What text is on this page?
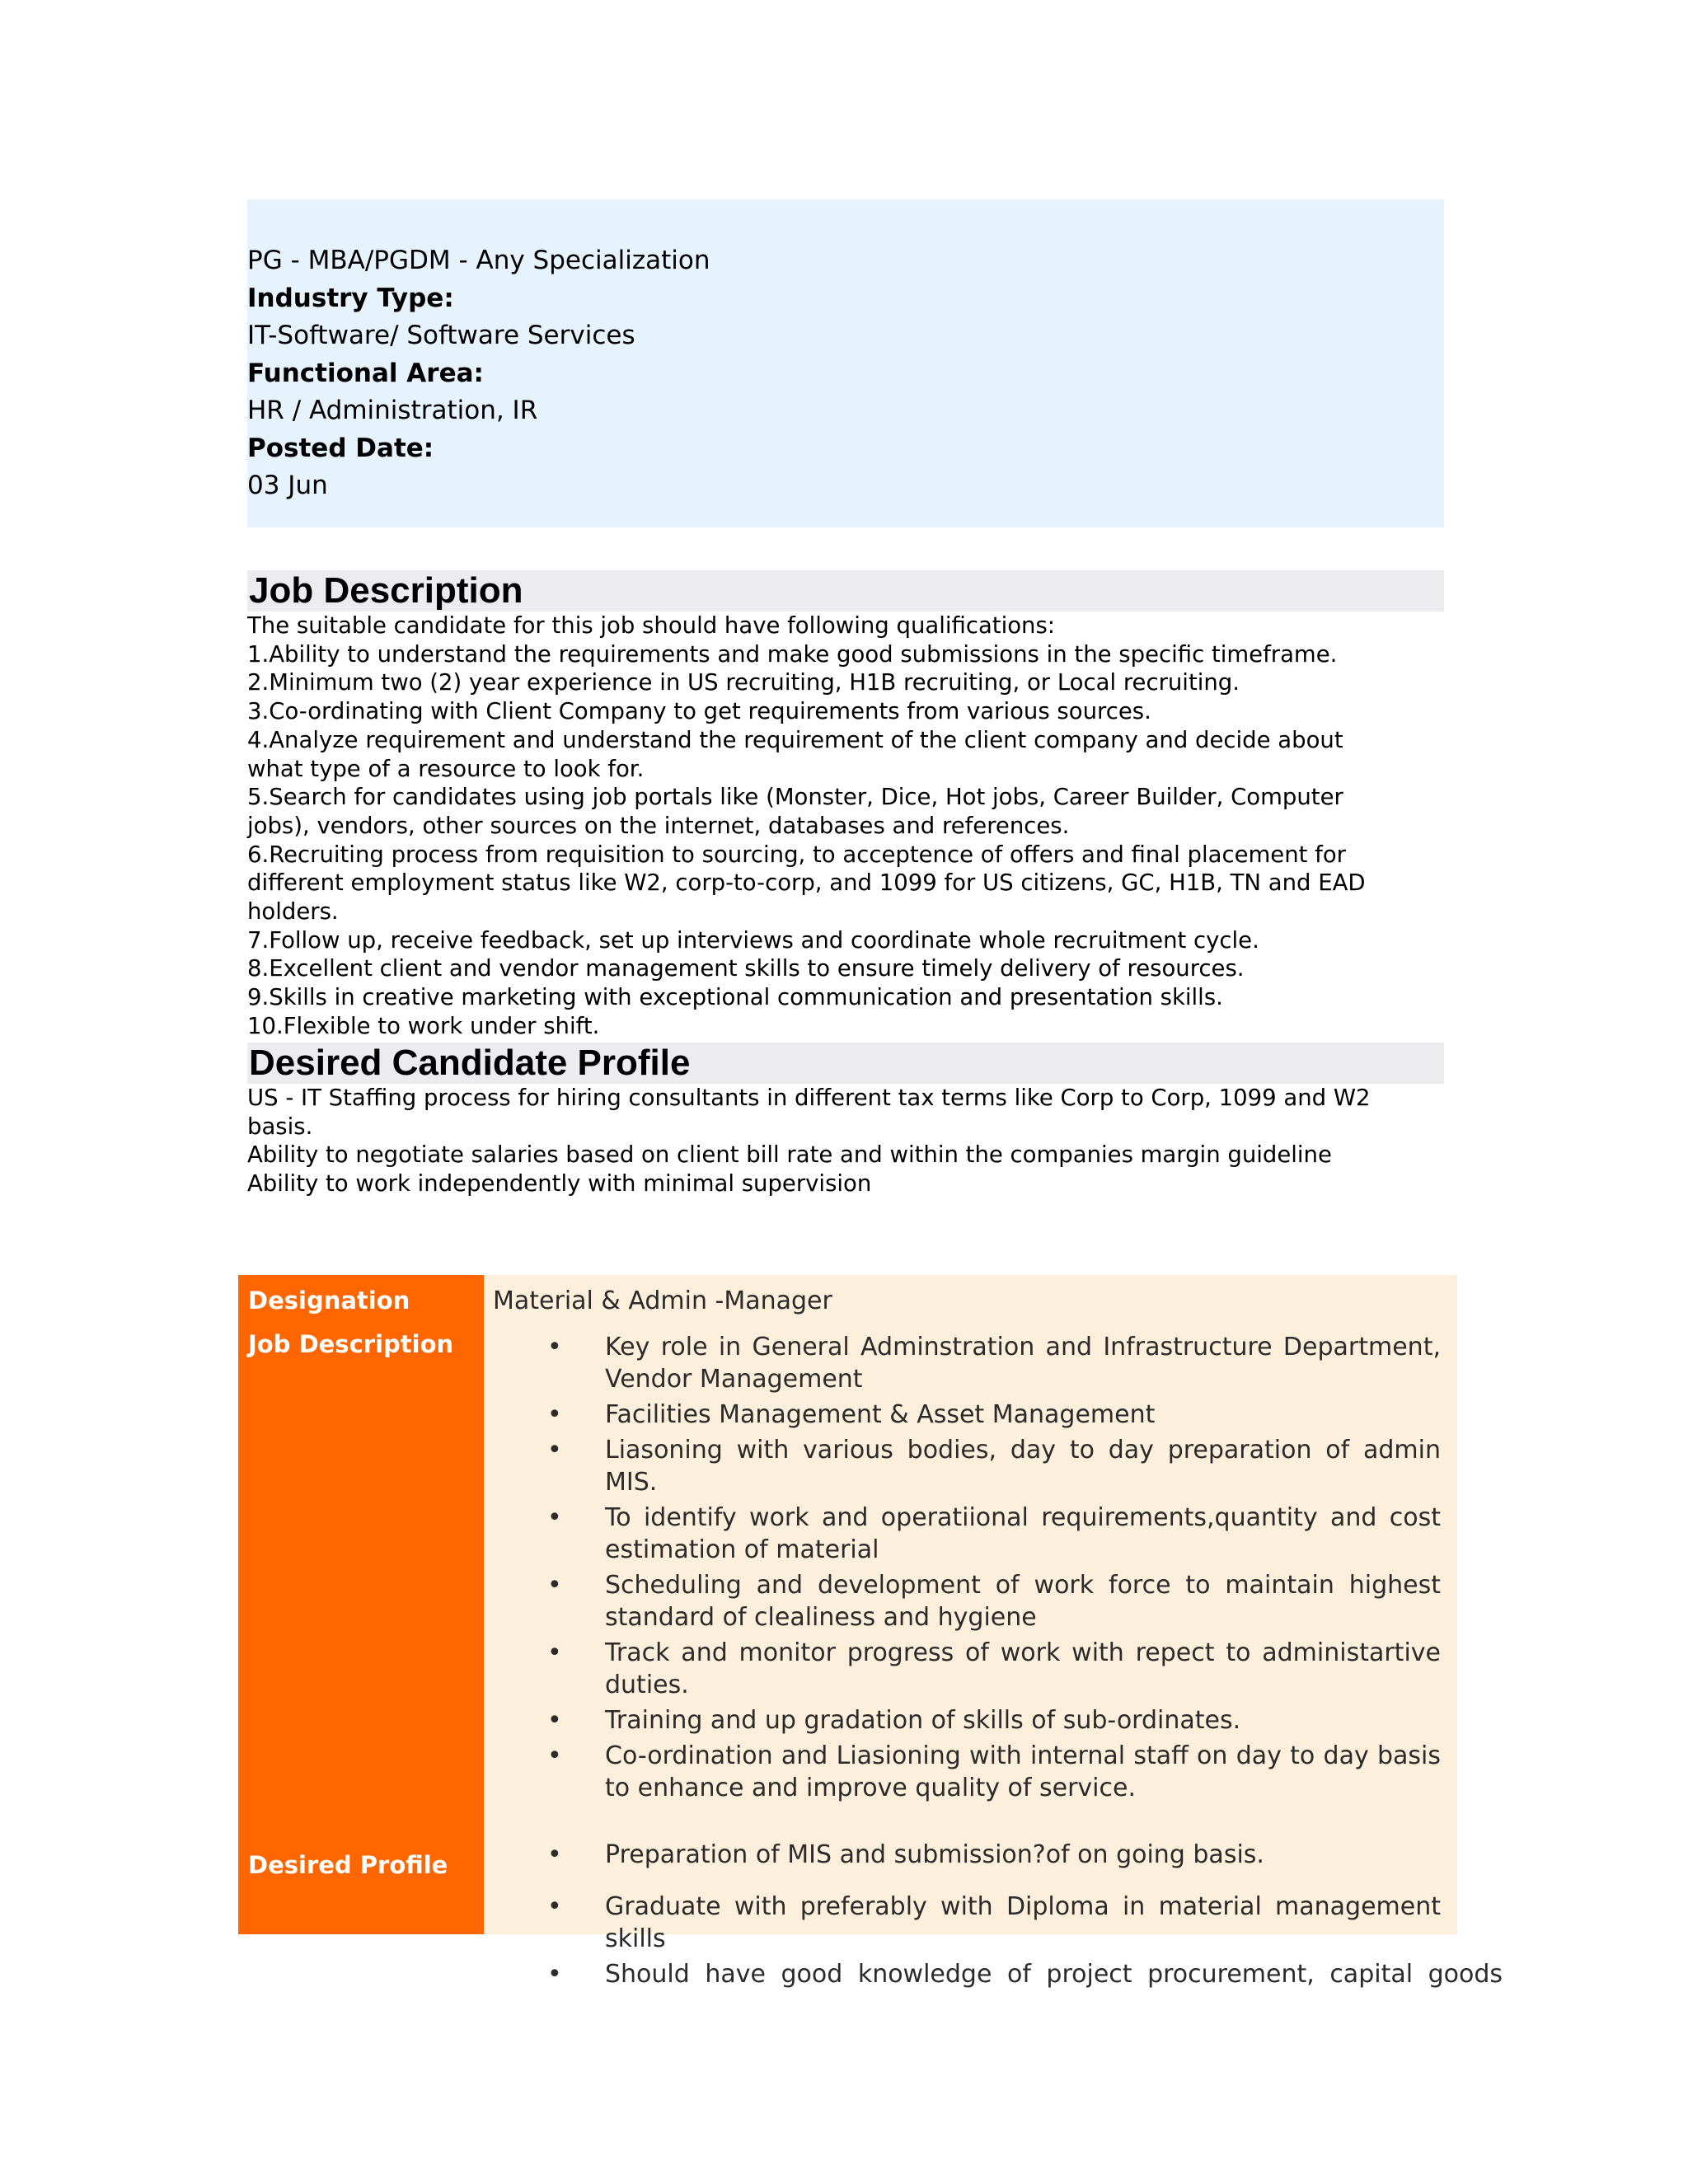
PG - MBA/PGDM - Any Specialization
Industry Type:
IT-Software/ Software Services
Functional Area:
HR / Administration, IR
Posted Date:
03 Jun
Job Description
The suitable candidate for this job should have following qualifications:
1.Ability to understand the requirements and make good submissions in the specific timeframe.
2.Minimum two (2) year experience in US recruiting, H1B recruiting, or Local recruiting.
3.Co-ordinating with Client Company to get requirements from various sources.
4.Analyze requirement and understand the requirement of the client company and decide about
what type of a resource to look for.
5.Search for candidates using job portals like (Monster, Dice, Hot jobs, Career Builder, Computer
jobs), vendors, other sources on the internet, databases and references.
6.Recruiting process from requisition to sourcing, to acceptence of offers and final placement for
different employment status like W2, corp-to-corp, and 1099 for US citizens, GC, H1B, TN and EAD
holders.
7.Follow up, receive feedback, set up interviews and coordinate whole recruitment cycle.
8.Excellent client and vendor management skills to ensure timely delivery of resources.
9.Skills in creative marketing with exceptional communication and presentation skills.
10.Flexible to work under shift.
Desired Candidate Profile
US - IT Staffing process for hiring consultants in different tax terms like Corp to Corp, 1099 and W2
basis.
Ability to negotiate salaries based on client bill rate and within the companies margin guideline
Ability to work independently with minimal supervision
Designation
Job Description
Desired Profile
Material & Admin -Manager
• Key role in General Adminstration and Infrastructure Department, Vendor Management
• Facilities Management & Asset Management
• Liasoning with various bodies, day to day preparation of admin MIS.
• To identify work and operatiional requirements,quantity and cost estimation of material
• Scheduling and development of work force to maintain highest standard of clealiness and hygiene
• Track and monitor progress of work with repect to administartive duties.
• Training and up gradation of skills of sub-ordinates.
• Co-ordination and Liasioning with internal staff on day to day basis to enhance and improve quality of service.
• Preparation of MIS and submission?of on going basis.
• Graduate with preferably with Diploma in material management skills
• Should have good knowledge of project procurement, capital goods
